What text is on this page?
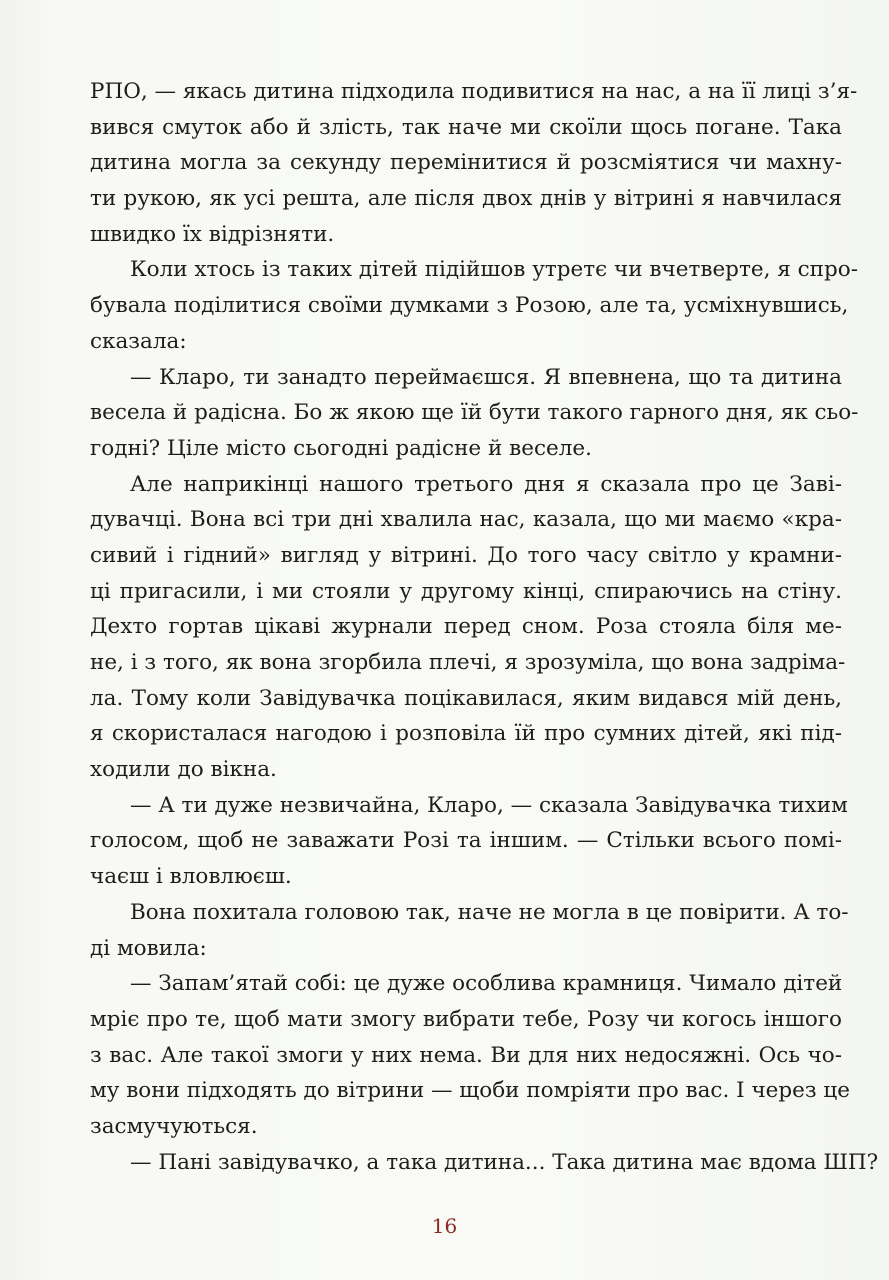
РПО, — якась дитина підходила подивитися на нас, а на її лиці з’я-
вився смуток або й злість, так наче ми скоїли щось погане. Така
дитина могла за секунду перемінитися й розсміятися чи махну-
ти рукою, як усі решта, але після двох днів у вітрині я навчилася
швидко їх відрізняти.
Коли хтось із таких дітей підійшов утретє чи вчетверте, я спро-
бувала поділитися своїми думками з Розою, але та, усміхнувшись,
сказала:
— Кларо, ти занадто переймаєшся. Я впевнена, що та дитина
весела й радісна. Бо ж якою ще їй бути такого гарного дня, як сьо-
годні? Ціле місто сьогодні радісне й веселе.
Але наприкінці нашого третього дня я сказала про це Заві-
дувачці. Вона всі три дні хвалила нас, казала, що ми маємо «кра-
сивий і гідний» вигляд у вітрині. До того часу світло у крамни-
ці пригасили, і ми стояли у другому кінці, спираючись на стіну.
Дехто гортав цікаві журнали перед сном. Роза стояла біля ме-
не, і з того, як вона згорбила плечі, я зрозуміла, що вона задріма-
ла. Тому коли Завідувачка поцікавилася, яким видався мій день,
я скористалася нагодою і розповіла їй про сумних дітей, які під-
ходили до вікна.
— А ти дуже незвичайна, Кларо, — сказала Завідувачка тихим
голосом, щоб не заважати Розі та іншим. — Стільки всього помі-
чаєш і вловлюєш.
Вона похитала головою так, наче не могла в це повірити. А то-
ді мовила:
— Запам’ятай собі: це дуже особлива крамниця. Чимало дітей
мріє про те, щоб мати змогу вибрати тебе, Розу чи когось іншого
з вас. Але такої змоги у них нема. Ви для них недосяжні. Ось чо-
му вони підходять до вітрини — щоби помріяти про вас. І через це
засмучуються.
— Пані завідувачко, а така дитина... Така дитина має вдома ШП?
16
